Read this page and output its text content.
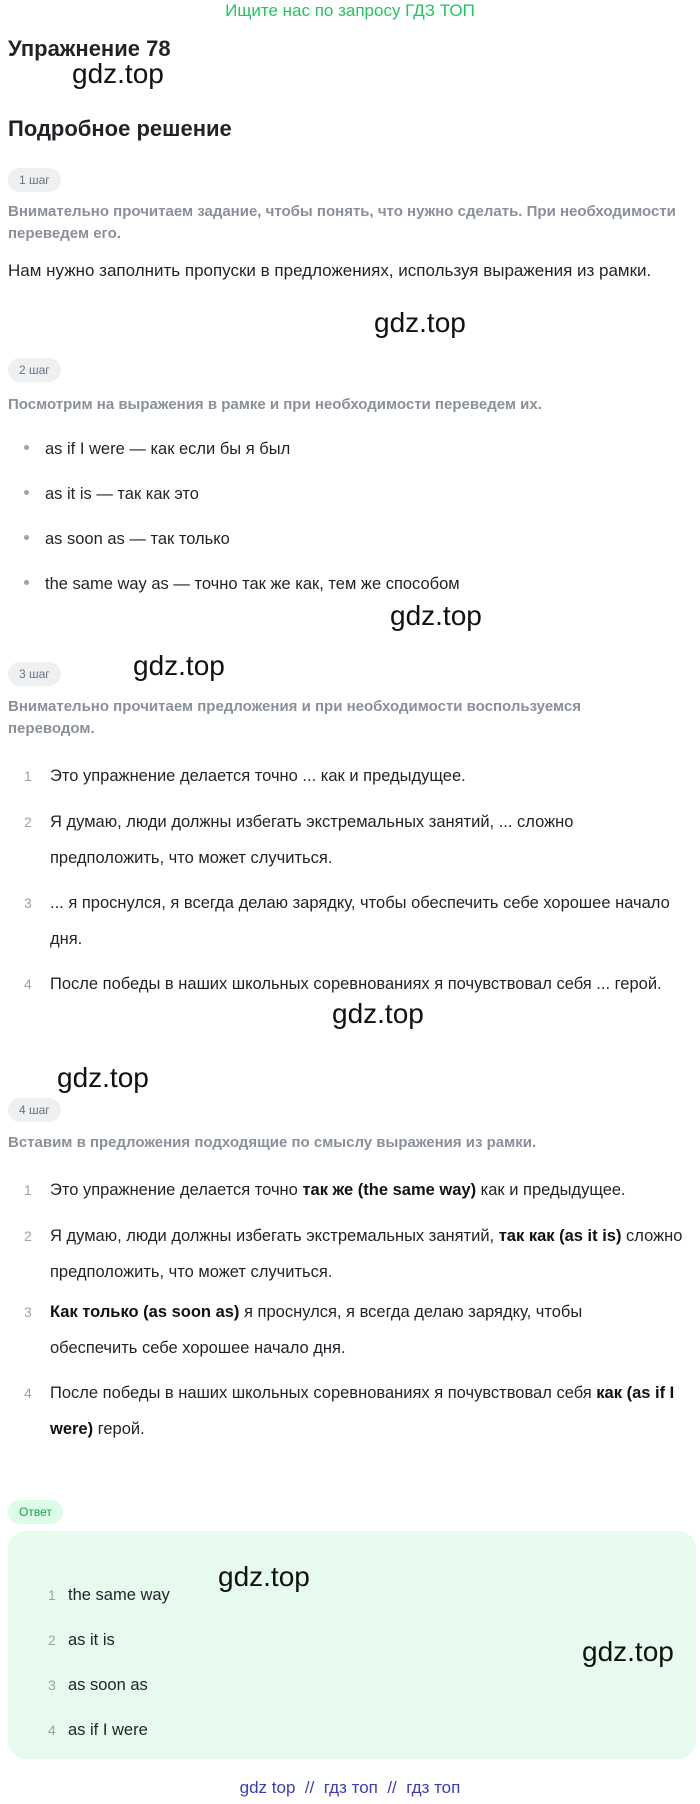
Ищите нас по запросу ГДЗ ТОП
Упражнение 78
gdz.top
Подробное решение
1 шаг
Внимательно прочитаем задание, чтобы понять, что нужно сделать. При необходимости переведем его.
Нам нужно заполнить пропуски в предложениях, используя выражения из рамки.
gdz.top
2 шаг
Посмотрим на выражения в рамке и при необходимости переведем их.
as if I were — как если бы я был
as it is — так как это
as soon as — так только
the same way as — точно так же как, тем же способом
gdz.top
3 шаг	gdz.top
Внимательно прочитаем предложения и при необходимости воспользуемся переводом.
1	Это упражнение делается точно ... как и предыдущее.
2	Я думаю, люди должны избегать экстремальных занятий, ... сложно предположить, что может случиться.
3	... я проснулся, я всегда делаю зарядку, чтобы обеспечить себе хорошее начало дня.
4	После победы в наших школьных соревнованиях я почувствовал себя ... герой.
gdz.top
gdz.top
4 шаг
Вставим в предложения подходящие по смыслу выражения из рамки.
1	Это упражнение делается точно так же (the same way) как и предыдущее.
2	Я думаю, люди должны избегать экстремальных занятий, так как (as it is) сложно предположить, что может случиться.
3	Как только (as soon as) я проснулся, я всегда делаю зарядку, чтобы обеспечить себе хорошее начало дня.
4	После победы в наших школьных соревнованиях я почувствовал себя как (as if I were) герой.
Ответ
gdz.top
gdz.top
1 the same way
2 as it is
3 as soon as
4 as if I were
gdz top  //  гдз топ  //  гдз топ
